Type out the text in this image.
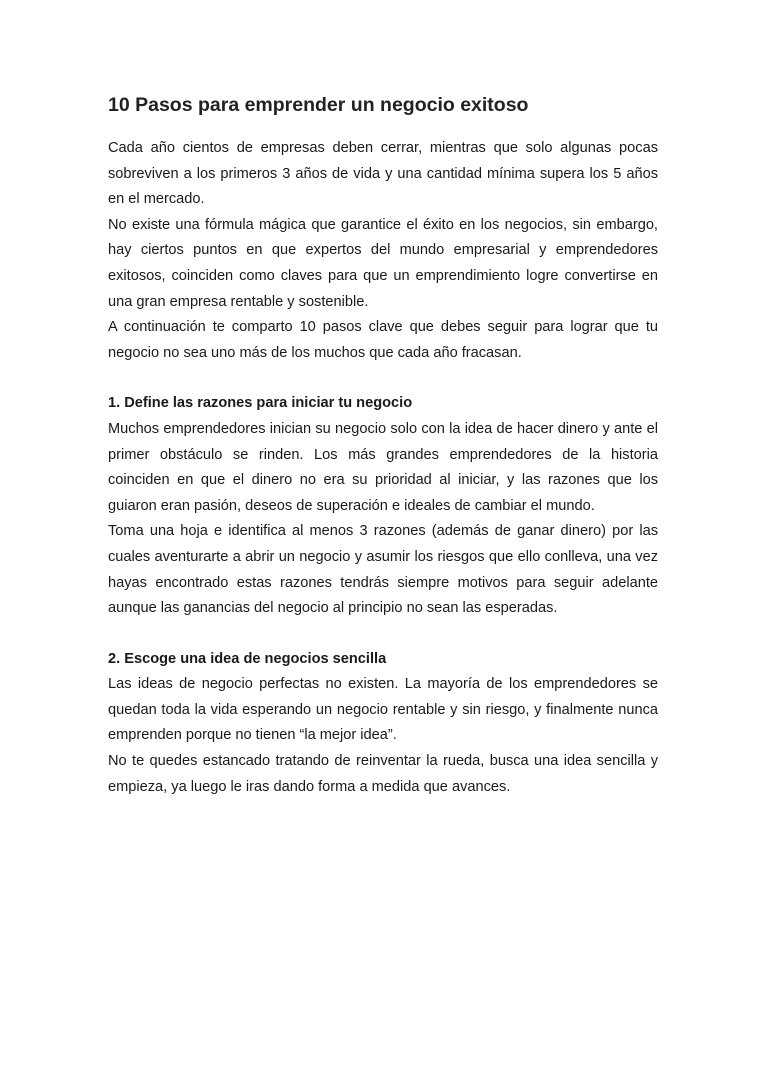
10 Pasos para emprender un negocio exitoso

Cada año cientos de empresas deben cerrar, mientras que solo algunas pocas sobreviven a los primeros 3 años de vida y una cantidad mínima supera los 5 años en el mercado.

No existe una fórmula mágica que garantice el éxito en los negocios, sin embargo, hay ciertos puntos en que expertos del mundo empresarial y emprendedores exitosos, coinciden como claves para que un emprendimiento logre convertirse en una gran empresa rentable y sostenible.

A continuación te comparto 10 pasos clave que debes seguir para lograr que tu negocio no sea uno más de los muchos que cada año fracasan.

1. Define las razones para iniciar tu negocio

Muchos emprendedores inician su negocio solo con la idea de hacer dinero y ante el primer obstáculo se rinden. Los más grandes emprendedores de la historia coinciden en que el dinero no era su prioridad al iniciar, y las razones que los guiaron eran pasión, deseos de superación e ideales de cambiar el mundo.

Toma una hoja e identifica al menos 3 razones (además de ganar dinero) por las cuales aventurarte a abrir un negocio y asumir los riesgos que ello conlleva, una vez hayas encontrado estas razones tendrás siempre motivos para seguir adelante aunque las ganancias del negocio al principio no sean las esperadas.

2. Escoge una idea de negocios sencilla

Las ideas de negocio perfectas no existen. La mayoría de los emprendedores se quedan toda la vida esperando un negocio rentable y sin riesgo, y finalmente nunca emprenden porque no tienen “la mejor idea”.

No te quedes estancado tratando de reinventar la rueda, busca una idea sencilla y empieza, ya luego le iras dando forma a medida que avances.
